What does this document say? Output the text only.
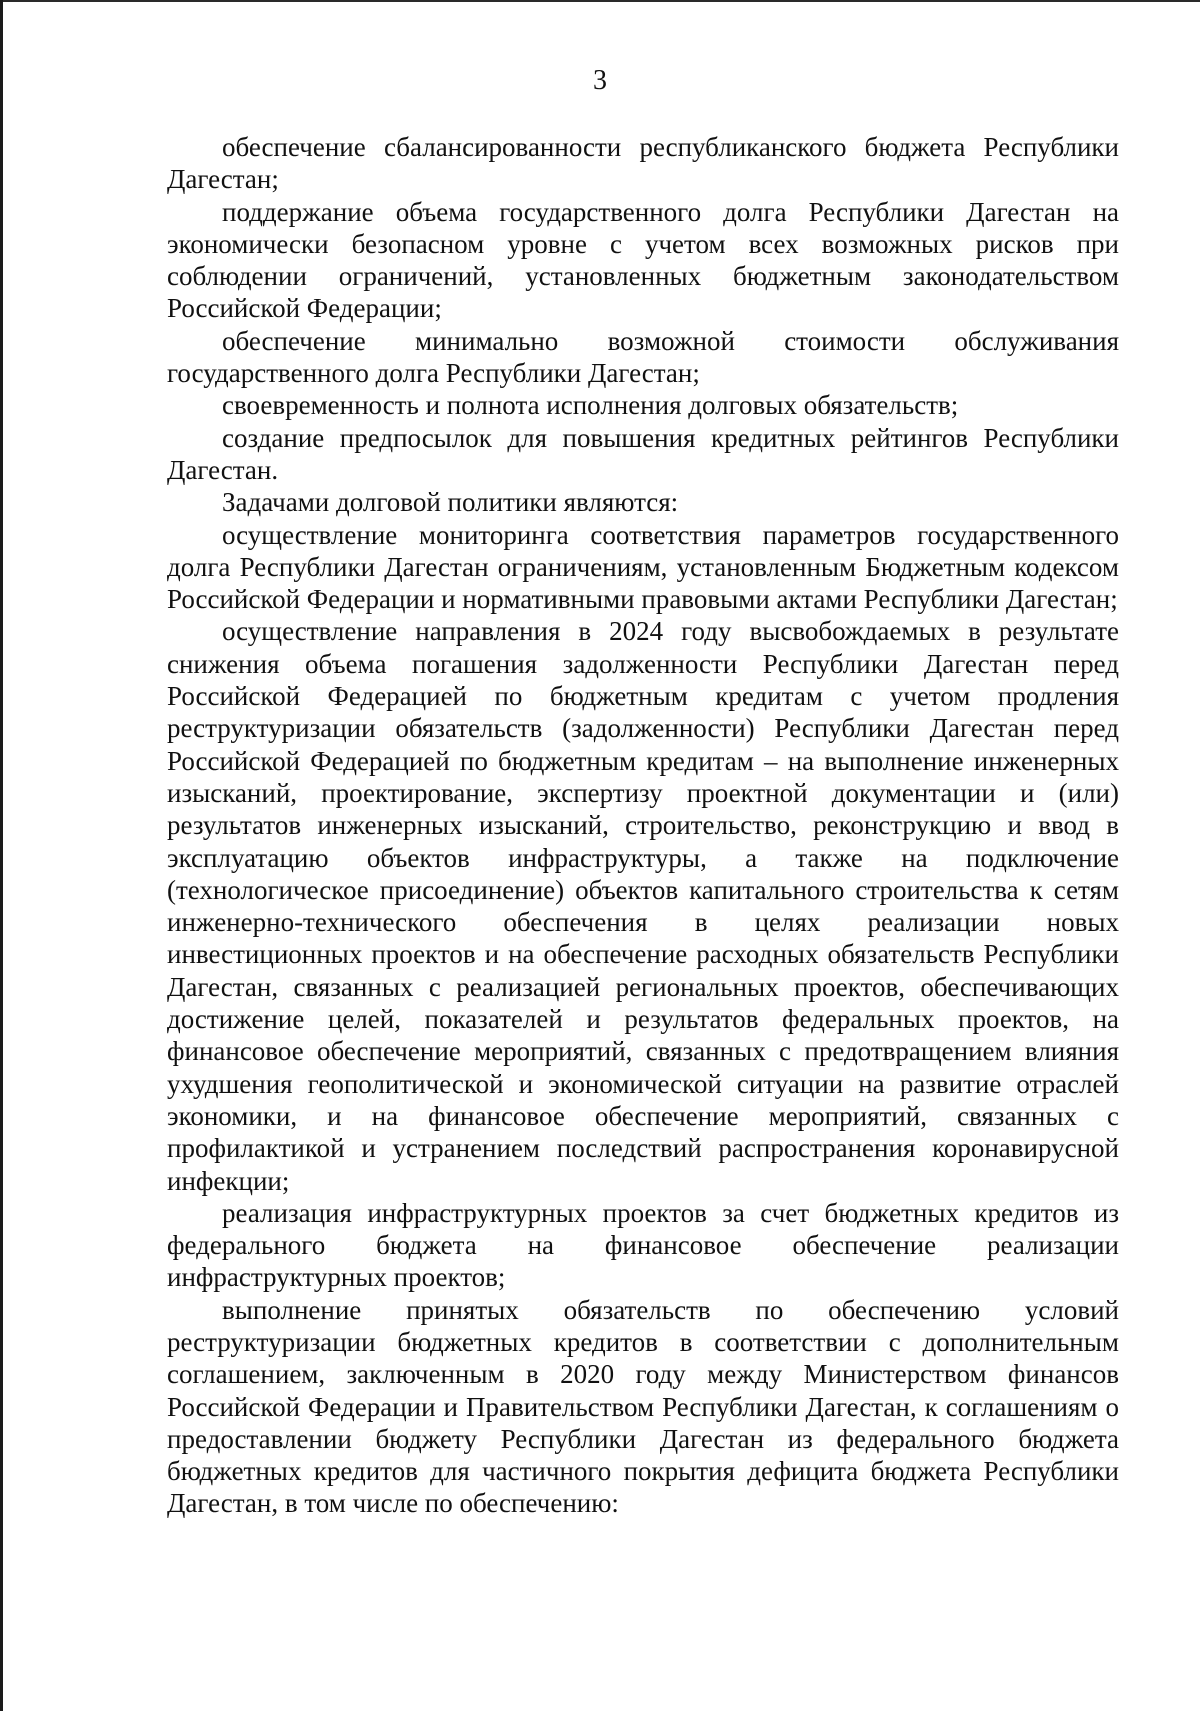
3

обеспечение сбалансированности республиканского бюджета Республики Дагестан;

поддержание объема государственного долга Республики Дагестан на экономически безопасном уровне с учетом всех возможных рисков при соблюдении ограничений, установленных бюджетным законодательством Российской Федерации;

обеспечение минимально возможной стоимости обслуживания государственного долга Республики Дагестан;

своевременность и полнота исполнения долговых обязательств;

создание предпосылок для повышения кредитных рейтингов Республики Дагестан.

Задачами долговой политики являются:

осуществление мониторинга соответствия параметров государственного долга Республики Дагестан ограничениям, установленным Бюджетным кодексом Российской Федерации и нормативными правовыми актами Республики Дагестан;

осуществление направления в 2024 году высвобождаемых в результате снижения объема погашения задолженности Республики Дагестан перед Российской Федерацией по бюджетным кредитам с учетом продления реструктуризации обязательств (задолженности) Республики Дагестан перед Российской Федерацией по бюджетным кредитам – на выполнение инженерных изысканий, проектирование, экспертизу проектной документации и (или) результатов инженерных изысканий, строительство, реконструкцию и ввод в эксплуатацию объектов инфраструктуры, а также на подключение (технологическое присоединение) объектов капитального строительства к сетям инженерно-технического обеспечения в целях реализации новых инвестиционных проектов и на обеспечение расходных обязательств Республики Дагестан, связанных с реализацией региональных проектов, обеспечивающих достижение целей, показателей и результатов федеральных проектов, на финансовое обеспечение мероприятий, связанных с предотвращением влияния ухудшения геополитической и экономической ситуации на развитие отраслей экономики, и на финансовое обеспечение мероприятий, связанных с профилактикой и устранением последствий распространения коронавирусной инфекции;

реализация инфраструктурных проектов за счет бюджетных кредитов из федерального бюджета на финансовое обеспечение реализации инфраструктурных проектов;

выполнение принятых обязательств по обеспечению условий реструктуризации бюджетных кредитов в соответствии с дополнительным соглашением, заключенным в 2020 году между Министерством финансов Российской Федерации и Правительством Республики Дагестан, к соглашениям о предоставлении бюджету Республики Дагестан из федерального бюджета бюджетных кредитов для частичного покрытия дефицита бюджета Республики Дагестан, в том числе по обеспечению:
